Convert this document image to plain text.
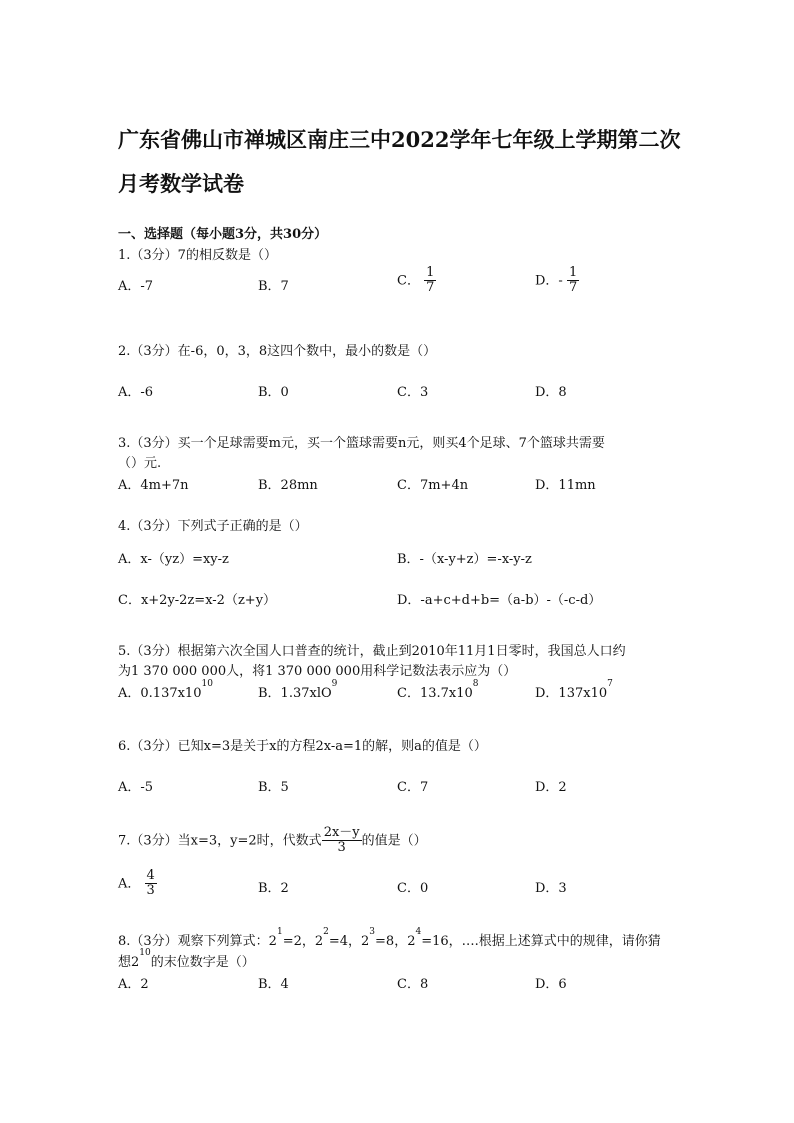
广东省佛山市禅城区南庄三中2022学年七年级上学期第二次月考数学试卷
一、选择题（每小题3分，共30分）
1.（3分）7的相反数是（）
A．-7	B．7	C． $\frac{1}{7}$	D．- $\frac{1}{7}$
2.（3分）在-6，0，3，8这四个数中，最小的数是（）
A．-6	B．0	C．3	D．8
3.（3分）买一个足球需要m元，买一个篮球需要n元，则买4个足球、7个篮球共需要
（）元.
A．4m+7n	B．28mn	C．7m+4n	D．11mn
4.（3分）下列式子正确的是（）
A．x-（yz）=xy-z	B．-（x-y+z）=-x-y-z
C．x+2y-2z=x-2（z+y）	D．-a+c+d+b=（a-b）-（-c-d）
5.（3分）根据第六次全国人口普查的统计，截止到2010年11月1日零时，我国总人口约
为1 370 000 000人，将1 370 000 000用科学记数法表示应为（）
A．$0.137x10^{10}$
B．1.37xlO$^9$
C．$13.7x10^8$
D．$137x10^7$
6.（3分）已知x=3是关于x的方程2x-a=1的解，则a的值是（）
A．-5	B．5	C．7	D．2
7.（3分）当x=3，y=2时，代数式 $\frac{2x-y}{3}$ 的值是（）
A． $\frac{4}{3}$	B．2	C．0	D．3
8.（3分）观察下列算式：$2^1=2$，$2^2=4$，$2^3=8$，$2^4=16$，….根据上述算式中的规律，请你猜
想$2^{10}$的末位数字是（）
A．2	B．4	C．8	D．6
